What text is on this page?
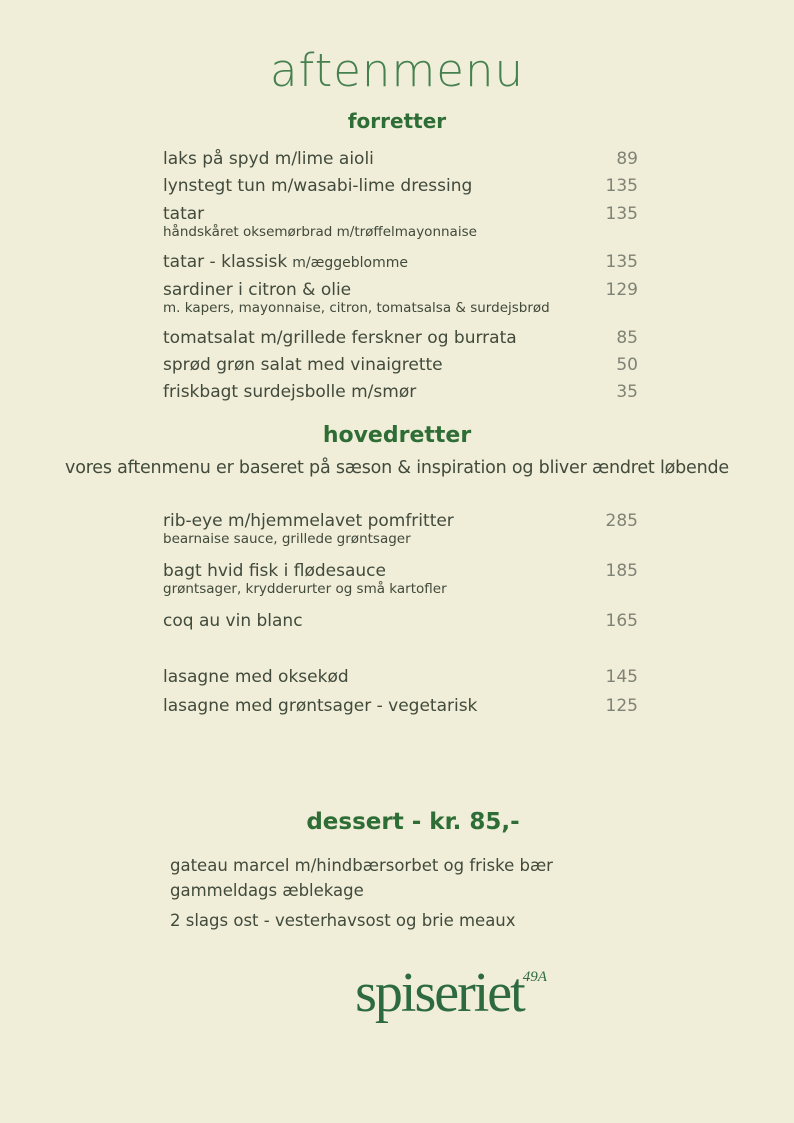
aftenmenu
forretter
laks på spyd m/lime aioli	89
lynstegt tun m/wasabi-lime dressing	135
tatar	135
håndskåret oksemørbrad m/trøffelmayonnaise
tatar - klassisk m/æggeblomme	135
sardiner i citron & olie	129
m. kapers, mayonnaise, citron, tomatsalsa & surdejsbrød
tomatsalat m/grillede ferskner og burrata	85
sprød grøn salat med vinaigrette	50
friskbagt surdejsbolle m/smør	35
hovedretter

vores aftenmenu er baseret på sæson & inspiration og bliver ændret løbende

rib-eye m/hjemmelavet pomfritter	285
bearnaise sauce, grillede grøntsager
bagt hvid fisk i flødesauce	185
grøntsager, krydderurter og små kartofler
coq au vin blanc	165
lasagne med oksekød	145
lasagne med grøntsager - vegetarisk	125
dessert - kr. 85,-
gateau marcel m/hindbærsorbet og friske bær
gammeldags æblekage
2 slags ost - vesterhavsost og brie meaux
spiseriet49A
